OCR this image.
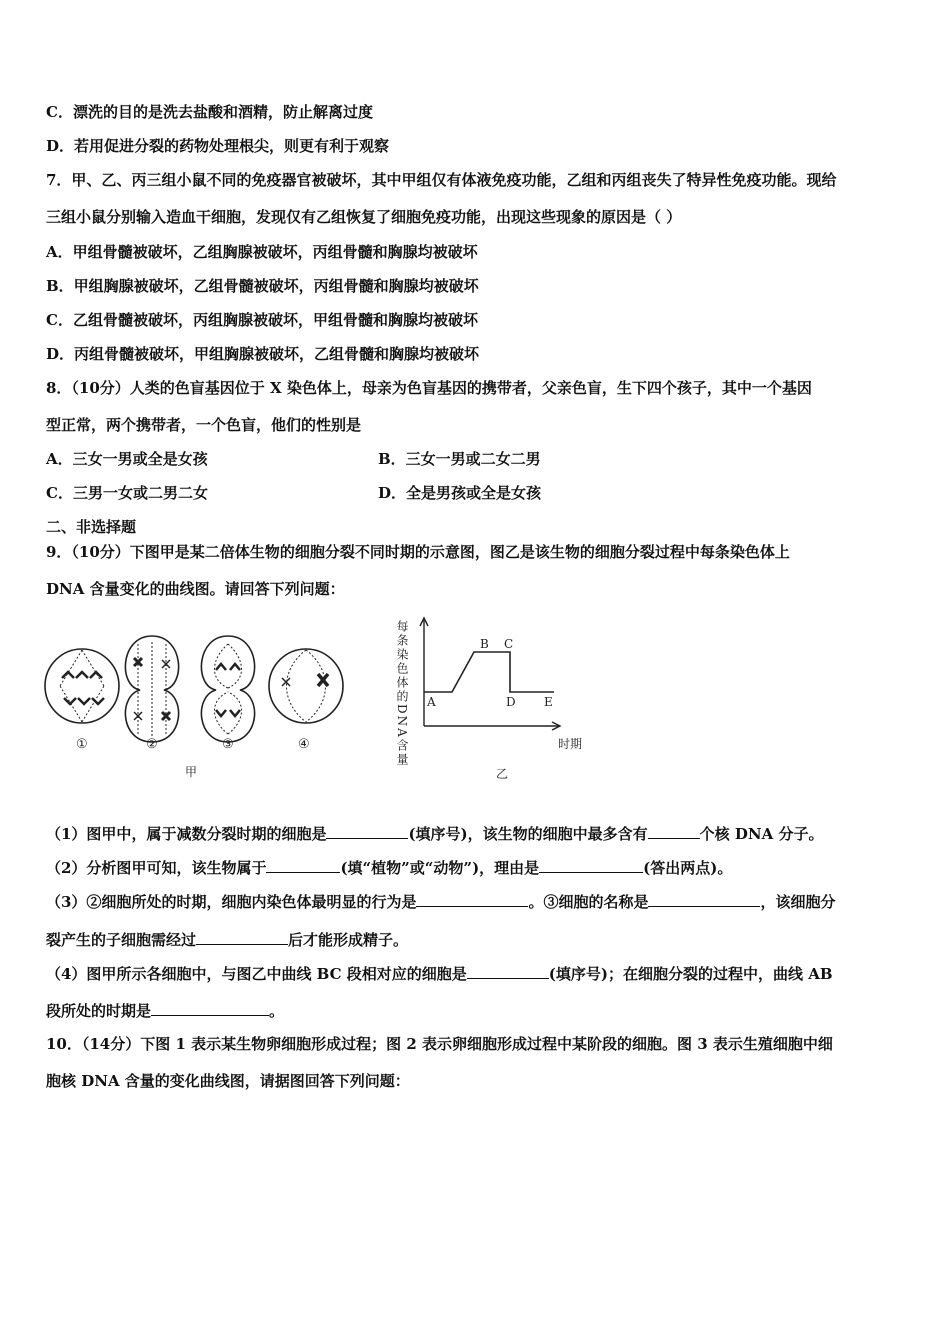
C．漂洗的目的是洗去盐酸和酒精，防止解离过度
D．若用促进分裂的药物处理根尖，则更有利于观察
7．甲、乙、丙三组小鼠不同的免疫器官被破坏，其中甲组仅有体液免疫功能，乙组和丙组丧失了特异性免疫功能。现给
三组小鼠分别输入造血干细胞，发现仅有乙组恢复了细胞免疫功能，出现这些现象的原因是（ ）
A．甲组骨髓被破坏，乙组胸腺被破坏，丙组骨髓和胸腺均被破坏
B．甲组胸腺被破坏，乙组骨髓被破坏，丙组骨髓和胸腺均被破坏
C．乙组骨髓被破坏，丙组胸腺被破坏，甲组骨髓和胸腺均被破坏
D．丙组骨髓被破坏，甲组胸腺被破坏，乙组骨髓和胸腺均被破坏
8．（10分）人类的色盲基因位于 X 染色体上，母亲为色盲基因的携带者，父亲色盲，生下四个孩子，其中一个基因
型正常，两个携带者，一个色盲，他们的性别是
A．三女一男或全是女孩	B．三女一男或二女二男
C．三男一女或二男二女	D．全是男孩或全是女孩
二、非选择题
9．（10分）下图甲是某二倍体生物的细胞分裂不同时期的示意图，图乙是该生物的细胞分裂过程中每条染色体上
DNA 含量变化的曲线图。请回答下列问题：
①	②	③	④
甲
每条染色体的DNA含量 A
B C
D E
时期
乙
（1）图甲中，属于减数分裂时期的细胞是	(填序号)，该生物的细胞中最多含有	个核 DNA 分子。
（2）分析图甲可知，该生物属于	(填“植物”或“动物”)，理由是	(答出两点)。
（3）②细胞所处的时期，细胞内染色体最明显的行为是	。③细胞的名称是	，该细胞分
裂产生的子细胞需经过	后才能形成精子。
（4）图甲所示各细胞中，与图乙中曲线 BC 段相对应的细胞是	(填序号)；在细胞分裂的过程中，曲线 AB
段所处的时期是	。
10．（14分）下图 1 表示某生物卵细胞形成过程；图 2 表示卵细胞形成过程中某阶段的细胞。图 3 表示生殖细胞中细
胞核 DNA 含量的变化曲线图，请据图回答下列问题：
